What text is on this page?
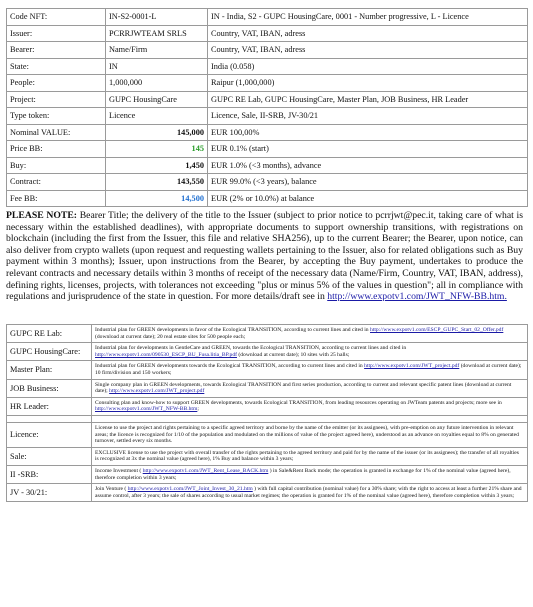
Code NFT:	IN-S2-0001-L	IN - India, S2 - GUPC HousingCare, 0001 - Number progressive, L - Licence
Issuer:	PCRRJWTEAM SRLS	Country, VAT, IBAN, adress
Bearer:	Name/Firm	Country, VAT, IBAN, adress
State:	IN	India (0.058)
People:	1,000,000	Raipur (1,000,000)
Project:	GUPC HousingCare	GUPC RE Lab, GUPC HousingCare, Master Plan, JOB Business, HR Leader
Type token:	Licence	Licence, Sale, II-SRB, JV-30/21
Nominal VALUE:	145,000	EUR 100,00%
Price BB:	145	EUR 0.1% (start)
Buy:	1,450	EUR 1.0% (<3 months), advance
Contract:	143,550	EUR 99.0% (<3 years), balance
Fee BB:	14,500	EUR (2% or 10.0%) at balance
PLEASE NOTE: Bearer Title; the delivery of the title to the Issuer (subject to prior notice to pcrrjwt@pec.it, taking care of what is necessary within the established deadlines), with appropriate documents to support ownership transitions, with registrations on blockchain (including the first from the Issuer, this file and relative SHA256), up to the current Bearer; the Bearer, upon notice, can also deliver from crypto wallets (upon request and requesting wallets pertaining to the Issuer, also for related obligations such as Buy payment within 3 months); Issuer, upon instructions from the Bearer, by accepting the Buy payment, undertakes to produce the relevant contracts and necessary details within 3 months of receipt of the necessary data (Name/Firm, Country, VAT, IBAN, address), defining rights, licenses, projects, with tolerances not exceeding "plus or minus 5% of the values in question"; all in compliance with regulations and jurisprudence of the state in question. For more details/draft see in http://www.expotv1.com/JWT_NFW-BB.htm.
GUPC RE Lab:	Industrial plan for GREEN developments in favor of the Ecological TRANSITION, according to current lines and cited in http://www.expotv1.com/ESCP_GUPC_Start_02_Offer.pdf (download at current date); 20 real estate sites for 500 people each;
GUPC HousingCare:	Industrial plan for developments in GentleCare and GREEN, towards the Ecological TRANSITION, according to current lines and cited in http://www.expotv1.com/090530_ESCP_BU_Fusa.litia_BP.pdf (download at current date); 10 sites with 25 halls;
Master Plan:	Industrial plan for GREEN developments towards the Ecological TRANSITION, according to current lines and cited in http://www.expotv1.com/JWT_project.pdf (download at current date); 10 firm/division and 150 workers;
JOB Business:	Single company plan in GREEN developments, towards Ecological TRANSITION and first series production, according to current and relevant specific patent lines (download at current date); http://www.expotv1.com/JWT_project.pdf
HR Leader:	Consulting plan and know-how to support GREEN developments, towards Ecological TRANSITION, from leading resources operating on JWTeam patents and projects; more see in http://www.expotv1.com/JWT_NFW-BB.htm;

Licence:	License to use the project and rights pertaining to a specific agreed territory and borne by the name of the emitter (or its assignees), with pre-emption on any future intervention in relevant areas; the licence is recognized for 1/10 of the population and modulated on the millions of value of the project agreed here), understood as an advance on royalties equal to 8% on generated turnover, settled every six months.
Sale:	EXCLUSIVE license to use the project with overall transfer of the rights pertaining to the agreed territory and paid for by the name of the issuer (or its assignees); the transfer of all royalties is recognized at 3x the nominal value (agreed here), 1% Buy and balance within 3 years;
II -SRB:	Income Investment ( http://www.expotv1.com/JWT_Rent_Lease_BACK.htm ) in Sale&Rent Back mode; the operation is granted in exchange for 1% of the nominal value (agreed here), therefore completion within 3 years;
JV - 30/21:	Join Venture ( http://www.expotv1.com/JWT_Joint_Invest_30_21.htm ) with full capital contribution (nominal value) for a 30% share; with the right to access at least a further 21% share and assume control, after 3 years; the sale of shares according to usual market regimes; the operation is granted for 1% of the nominal value (agreed here), therefore completion within 3 years;
